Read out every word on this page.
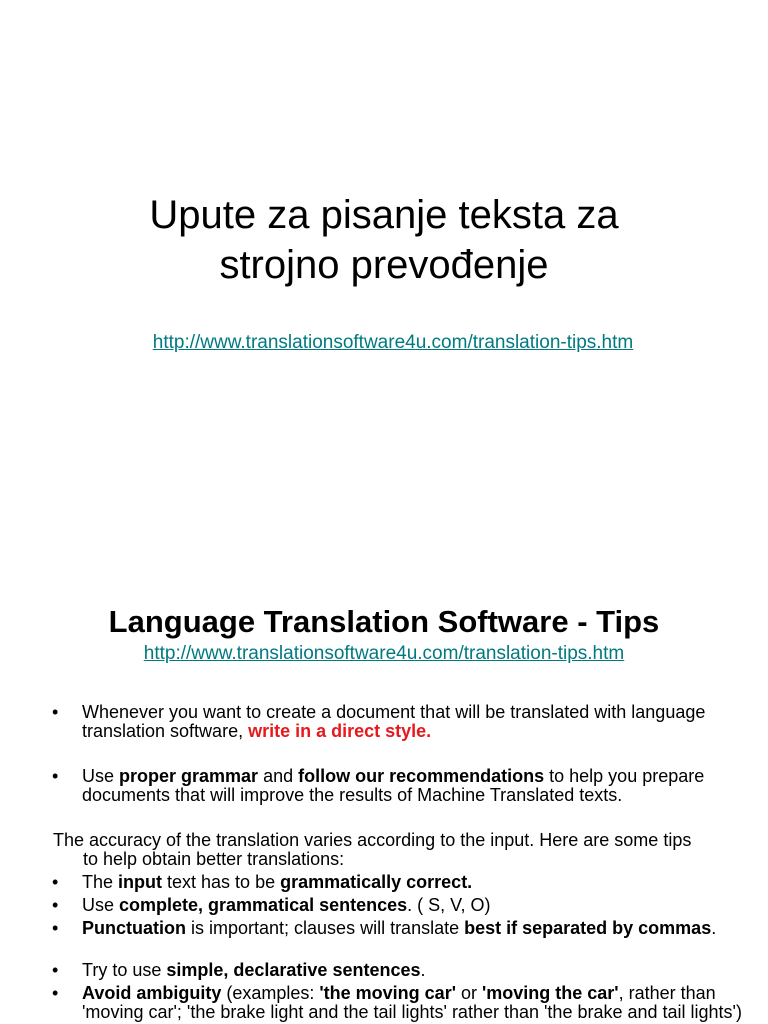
Upute za pisanje teksta za
strojno prevođenje
http://www.translationsoftware4u.com/translation-tips.htm
Language Translation Software - Tips
http://www.translationsoftware4u.com/translation-tips.htm
•	Whenever you want to create a document that will be translated with language translation software, write in a direct style.
•	Use proper grammar and follow our recommendations to help you prepare documents that will improve the results of Machine Translated texts.
The accuracy of the translation varies according to the input. Here are some tips
to help obtain better translations:
•	The input text has to be grammatically correct.
•	Use complete, grammatical sentences. ( S, V, O)
•	Punctuation is important; clauses will translate best if separated by commas.
•	Try to use simple, declarative sentences.
•	Avoid ambiguity (examples: 'the moving car' or 'moving the car', rather than 'moving car'; 'the brake light and the tail lights' rather than 'the brake and tail lights')
